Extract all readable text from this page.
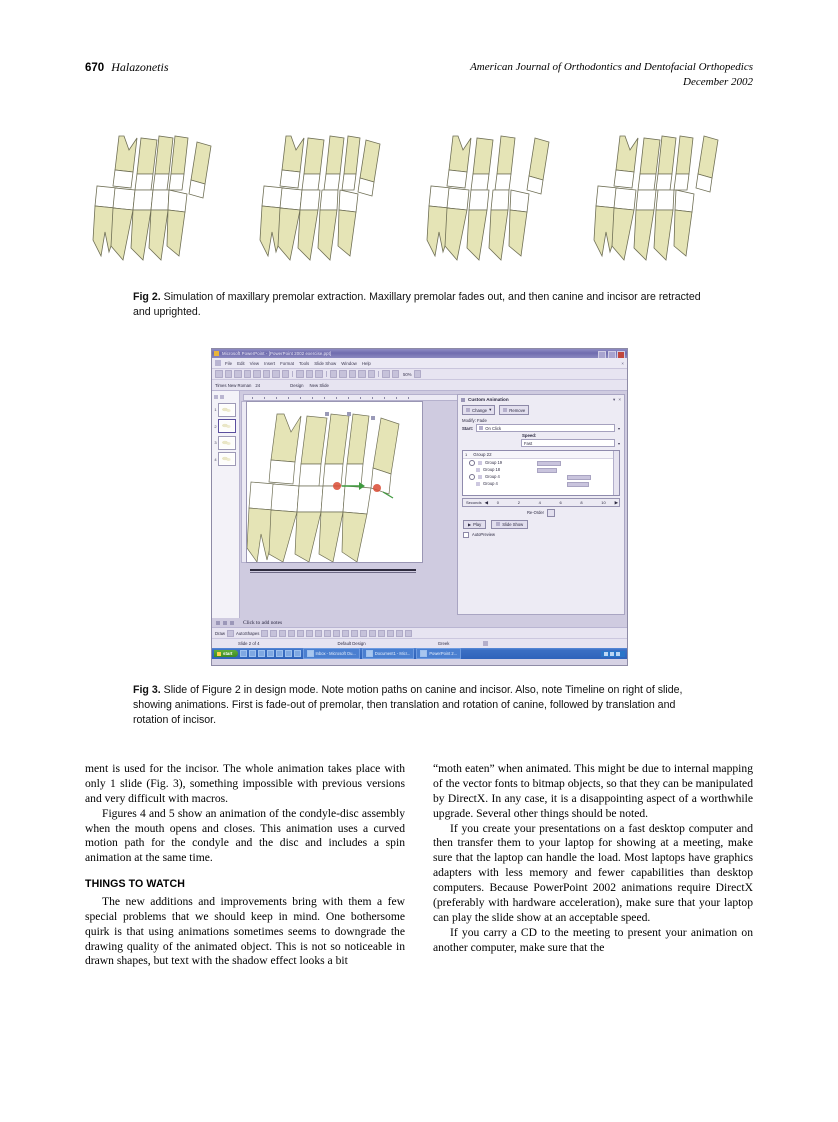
670 Halazonetis	American Journal of Orthodontics and Dentofacial Orthopedics
December 2002
Fig 2. Simulation of maxillary premolar extraction. Maxillary premolar fades out, and then canine and incisor are retracted and uprighted.
Microsoft PowerPoint - [PowerPoint 2002 exercise.ppt]
File Edit View Insert Format Tools Slide Show Window Help	×
50%
Times New Roman 24	Design	New Slide
1
2
3
4
Custom Animation	▾ ×
Change ▾	Remove
Modify: Fade
Start:	On Click	▾
Speed:
Fast	▾
1 Group 22
Group 19
Group 18
Group 4
Group 4
Seconds ◀ 0	2	4	6	8	10 ▶
Re-Order
▶ Play	Slide Show
AutoPreview
Click to add notes
Draw	AutoShapes
Slide 2 of 4	Default Design	Greek
start	Inbox - Microsoft Ou...	Document1 - Micr...	PowerPoint 2...
Fig 3. Slide of Figure 2 in design mode. Note motion paths on canine and incisor. Also, note Timeline on right of slide, showing animations. First is fade-out of premolar, then translation and rotation of canine, followed by translation and rotation of incisor.

ment is used for the incisor. The whole animation takes place with only 1 slide (Fig. 3), something impossible with previous versions and very difficult with macros.

Figures 4 and 5 show an animation of the condyle-disc assembly when the mouth opens and closes. This animation uses a curved motion path for the condyle and the disc and includes a spin animation at the same time.

THINGS TO WATCH

The new additions and improvements bring with them a few special problems that we should keep in mind. One bothersome quirk is that using animations sometimes seems to downgrade the drawing quality of the animated object. This is not so noticeable in drawn shapes, but text with the shadow effect looks a bit

“moth eaten” when animated. This might be due to internal mapping of the vector fonts to bitmap objects, so that they can be manipulated by DirectX. In any case, it is a disappointing aspect of a worthwhile upgrade. Several other things should be noted.

If you create your presentations on a fast desktop computer and then transfer them to your laptop for showing at a meeting, make sure that the laptop can handle the load. Most laptops have graphics adapters with less memory and fewer capabilities than desktop computers. Because PowerPoint 2002 animations require DirectX (preferably with hardware acceleration), make sure that your laptop can play the slide show at an acceptable speed.

If you carry a CD to the meeting to present your animation on another computer, make sure that the
